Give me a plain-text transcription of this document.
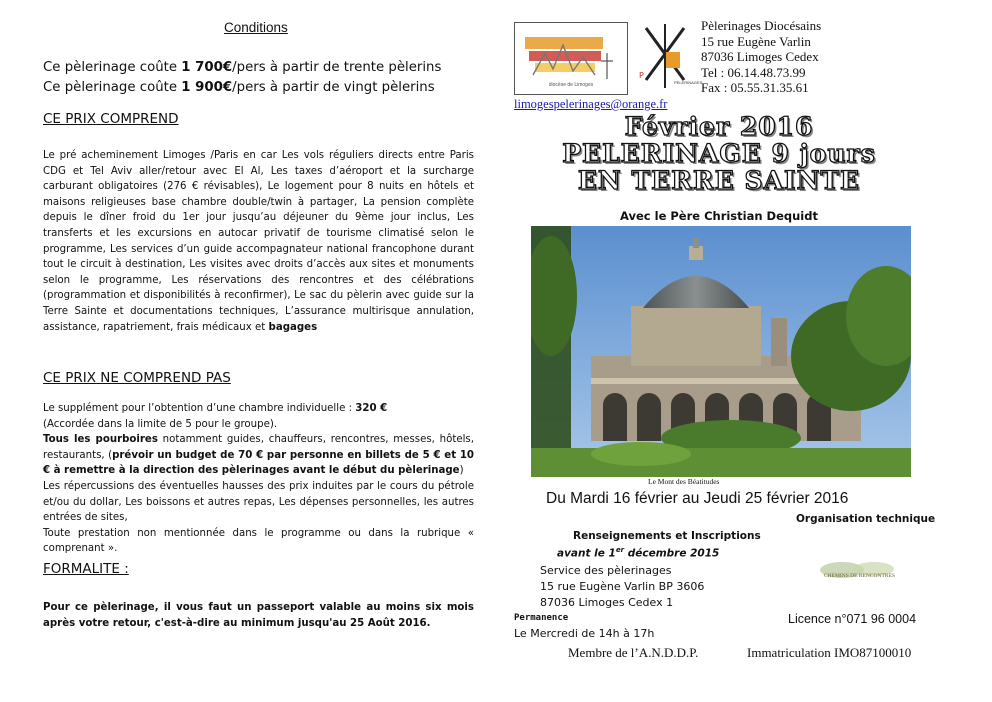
Conditions
Ce pèlerinage coûte 1 700€/pers à partir de trente pèlerins
Ce pèlerinage coûte 1 900€/pers à partir de vingt pèlerins
CE PRIX COMPREND
Le pré acheminement Limoges /Paris en car Les vols réguliers directs entre Paris CDG et Tel Aviv aller/retour avec El Al, Les taxes d’aéroport et la surcharge carburant obligatoires (276 € révisables), Le logement pour 8 nuits en hôtels et maisons religieuses base chambre double/twin à partager, La pension complète depuis le dîner froid du 1er jour jusqu’au déjeuner du 9ème jour inclus, Les transferts et les excursions en autocar privatif de tourisme climatisé selon le programme, Les services d’un guide accompagnateur national francophone durant tout le circuit à destination, Les visites avec droits d’accès aux sites et monuments selon le programme, Les réservations des rencontres et des célébrations (programmation et disponibilités à reconfirmer), Le sac du pèlerin avec guide sur la Terre Sainte et documentations techniques, L’assurance multirisque annulation, assistance, rapatriement, frais médicaux et bagages
CE PRIX NE COMPREND PAS
Le supplément pour l’obtention d’une chambre individuelle : 320 €
(Accordée dans la limite de 5 pour le groupe).
Tous les pourboires notamment guides, chauffeurs, rencontres, messes, hôtels, restaurants, (prévoir un budget de 70 € par personne en billets de 5 € et 10 € à remettre à la direction des pèlerinages avant le début du pèlerinage)
Les répercussions des éventuelles hausses des prix induites par le cours du pétrole et/ou du dollar, Les boissons et autres repas, Les dépenses personnelles, les autres entrées de sites,
Toute prestation non mentionnée dans le programme ou dans la rubrique « comprenant ».
FORMALITE :
Pour ce pèlerinage, il vous faut un passeport valable au moins six mois après votre retour, c'est-à-dire au minimum jusqu'au 25 Août 2016.
diocèse de Limoges
P
PÈLERINAGES
Pèlerinages Diocésains
15 rue Eugène Varlin
87036 Limoges Cedex
Tel : 06.14.48.73.99
Fax : 05.55.31.35.61
limogespelerinages@orange.fr
Février 2016
PELERINAGE 9 jours
EN TERRE SAINTE
Avec le Père Christian Dequidt
Le Mont des Béatitudes
Du Mardi 16 février au Jeudi 25 février 2016
Organisation technique
Renseignements et Inscriptions
avant le 1er décembre 2015
Service des pèlerinages
15 rue Eugène Varlin BP 3606
87036 Limoges Cedex 1
CHEMINS DE RENCONTRES
Licence n°071 96 0004
Permanence
Le Mercredi de 14h à 17h
Membre de l’A.N.D.D.P.	Immatriculation IMO87100010
